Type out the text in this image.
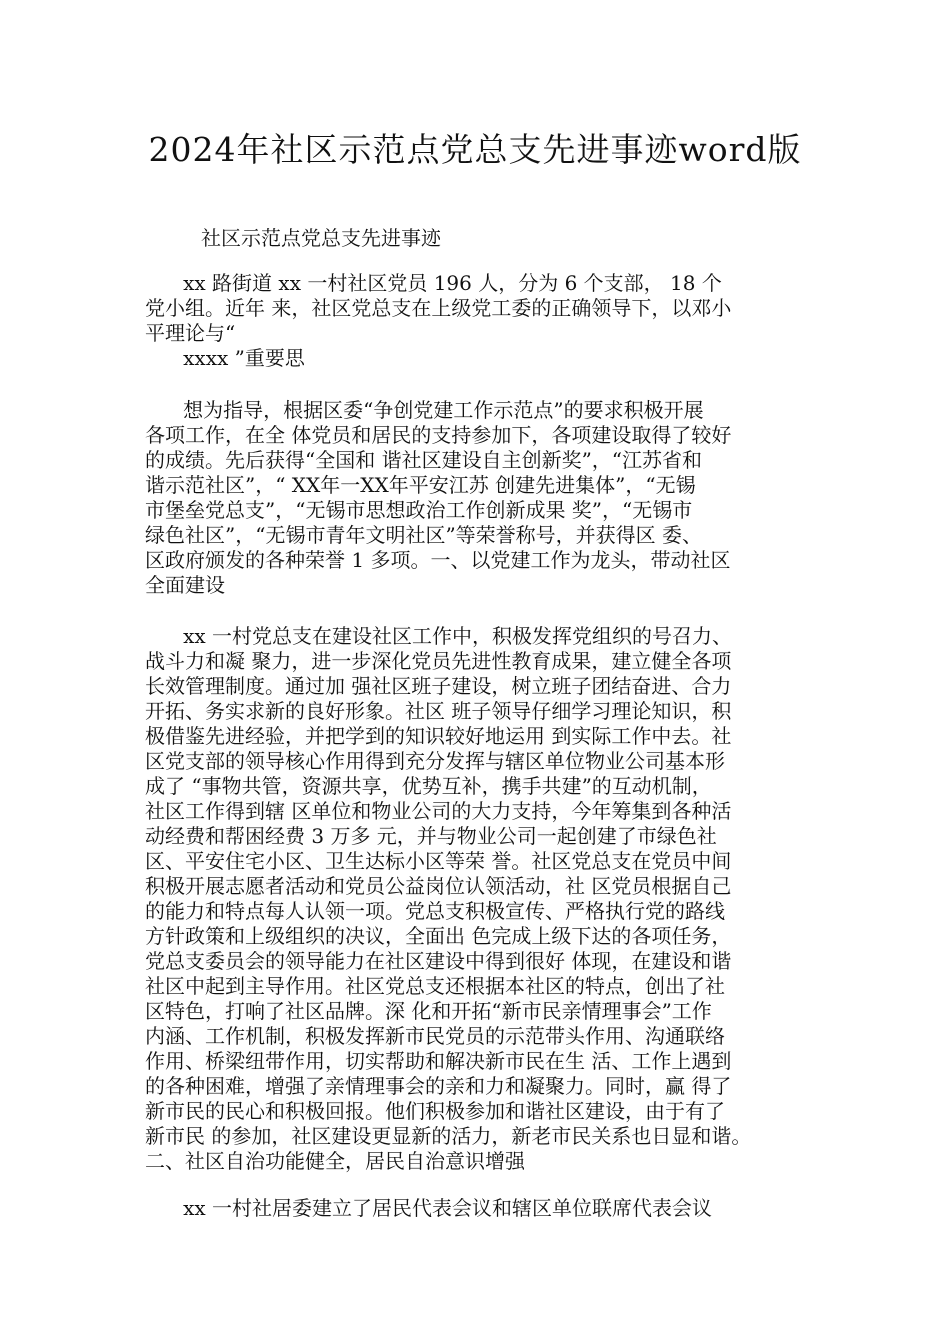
2024年社区示范点党总支先进事迹word版
社区示范点党总支先进事迹
xx 路街道 xx 一村社区党员 196 人，分为 6 个支部， 18 个
党小组。近年 来，社区党总支在上级党工委的正确领导下，以邓小
平理论与“
xxxx ”重要思
想为指导，根据区委“争创党建工作示范点”的要求积极开展
各项工作，在全 体党员和居民的支持参加下，各项建设取得了较好
的成绩。先后获得“全国和 谐社区建设自主创新奖”，“江苏省和
谐示范社区”，“ XX年一XX年平安江苏 创建先进集体”，“无锡
市堡垒党总支”，“无锡市思想政治工作创新成果 奖”，“无锡市
绿色社区”，“无锡市青年文明社区”等荣誉称号，并获得区 委、
区政府颁发的各种荣誉 1 多项。一、以党建工作为龙头，带动社区
全面建设
xx 一村党总支在建设社区工作中，积极发挥党组织的号召力、
战斗力和凝 聚力，进一步深化党员先进性教育成果，建立健全各项
长效管理制度。通过加 强社区班子建设，树立班子团结奋进、合力
开拓、务实求新的良好形象。社区 班子领导仔细学习理论知识，积
极借鉴先进经验，并把学到的知识较好地运用 到实际工作中去。社
区党支部的领导核心作用得到充分发挥与辖区单位物业公司基本形
成了 “事物共管，资源共享，优势互补，携手共建”的互动机制，
社区工作得到辖 区单位和物业公司的大力支持，今年筹集到各种活
动经费和帮困经费 3 万多 元，并与物业公司一起创建了市绿色社
区、平安住宅小区、卫生达标小区等荣 誉。社区党总支在党员中间
积极开展志愿者活动和党员公益岗位认领活动，社 区党员根据自己
的能力和特点每人认领一项。党总支积极宣传、严格执行党的路线
方针政策和上级组织的决议，全面出 色完成上级下达的各项任务，
党总支委员会的领导能力在社区建设中得到很好 体现，在建设和谐
社区中起到主导作用。社区党总支还根据本社区的特点，创出了社
区特色，打响了社区品牌。深 化和开拓“新市民亲情理事会”工作
内涵、工作机制，积极发挥新市民党员的示范带头作用、沟通联络
作用、桥梁纽带作用，切实帮助和解决新市民在生 活、工作上遇到
的各种困难，增强了亲情理事会的亲和力和凝聚力。同时，赢 得了
新市民的民心和积极回报。他们积极参加和谐社区建设，由于有了
新市民 的参加，社区建设更显新的活力，新老市民关系也日显和谐。
二、社区自治功能健全，居民自治意识增强
xx 一村社居委建立了居民代表会议和辖区单位联席代表会议
